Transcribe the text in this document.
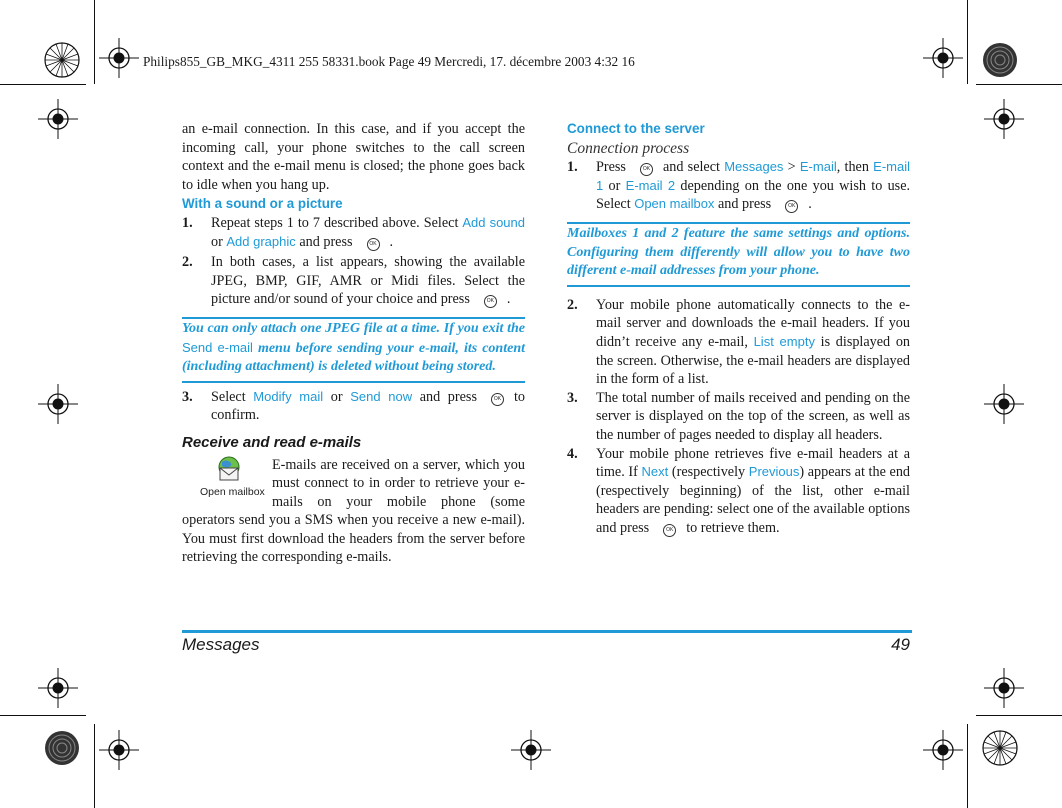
Philips855_GB_MKG_4311 255 58331.book Page 49 Mercredi, 17. décembre 2003 4:32 16

an e-mail connection. In this case, and if you accept the incoming call, your phone switches to the call screen context and the e-mail menu is closed; the phone goes back to idle when you hang up.

With a sound or a picture
1. Repeat steps 1 to 7 described above. Select Add sound or Add graphic and press	OK .
2. In both cases, a list appears, showing the available JPEG, BMP, GIF, AMR or Midi files. Select the picture and/or sound of your choice and press	OK .
You can only attach one JPEG file at a time. If you exit the Send e-mail menu before sending your e-mail, its content (including attachment) is deleted without being stored.
3. Select Modify mail or Send now and press	OK to confirm.
Receive and read e-mails
Open mailbox

E-mails are received on a server, which you must connect to in order to retrieve your e-mails on your mobile phone (some operators send you a SMS when you receive a new e-mail). You must first download the headers from the server before retrieving the corresponding e-mails.

Connect to the server
Connection process
1. Press	OK and select Messages > E-mail, then E-mail 1 or E-mail 2 depending on the one you wish to use. Select Open mailbox and press	OK .
Mailboxes 1 and 2 feature the same settings and options. Configuring them differently will allow you to have two different e-mail addresses from your phone.
2. Your mobile phone automatically connects to the e-mail server and downloads the e-mail headers. If you didn’t receive any e-mail, List empty is displayed on the screen. Otherwise, the e-mail headers are displayed in the form of a list.
3. The total number of mails received and pending on the server is displayed on the top of the screen, as well as the number of pages needed to display all headers.
4. Your mobile phone retrieves five e-mail headers at a time. If Next (respectively Previous) appears at the end (respectively beginning) of the list, other e-mail headers are pending: select one of the available options and press	OK to retrieve them.
Messages	49
